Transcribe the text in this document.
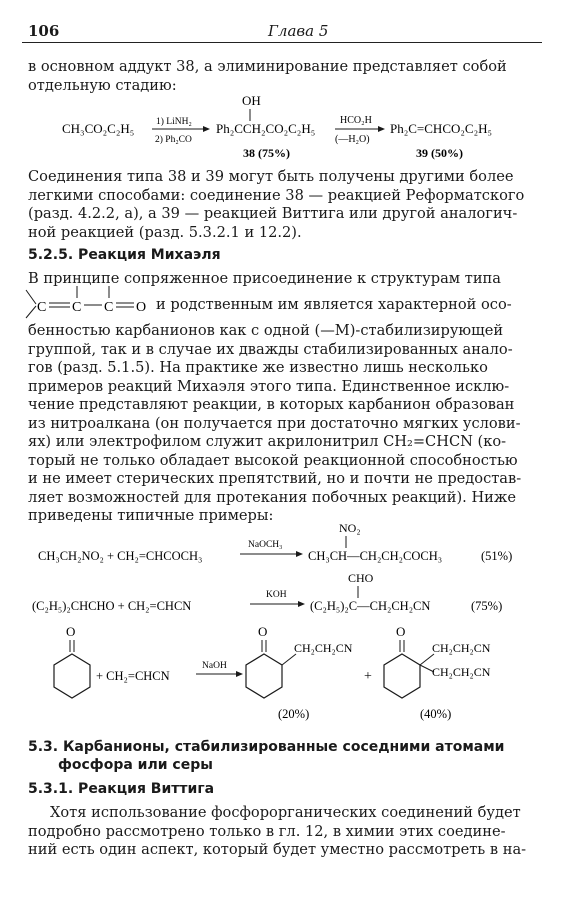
106	Глава 5
в основном аддукт 38, а элиминирование представляет собой
отдельную стадию:
CH₃CO₂C₂H₅ 1) LiNH₂
2) Ph₂CO
OH
Ph₂CCH₂CO₂C₂H₅
38 (75%)
HCO₂H
(—H₂O)
Ph₂C=CHCO₂C₂H₅
39 (50%)
Соединения типа 38 и 39 могут быть получены другими более
легкими способами: соединение 38 — реакцией Реформатского
(разд. 4.2.2, а), а 39 — реакцией Виттига или другой аналогич-
ной реакцией (разд. 5.3.2.1 и 12.2).
5.2.5. Реакция Михаэля
В принципе сопряженное присоединение к структурам типа
C C C O и родственным им является характерной осо-
бенностью карбанионов как с одной (—M)-стабилизирующей
группой, так и в случае их дважды стабилизированных анало-
гов (разд. 5.1.5). На практике же известно лишь несколько
примеров реакций Михаэля этого типа. Единственное исклю-
чение представляют реакции, в которых карбанион образован
из нитроалкана (он получается при достаточно мягких услови-
ях) или электрофилом служит акрилонитрил CH₂=CHCN (ко-
торый не только обладает высокой реакционной способностью
и не имеет стерических препятствий, но и почти не предостав-
ляет возможностей для протекания побочных реакций). Ниже
приведены типичные примеры:
CH₃CH₂NO₂ + CH₂=CHCOCH₃
NaOCH₃
NO₂
CH₃CH—CH₂CH₂COCH₃	(51%)
(C₂H₅)₂CHCHO + CH₂=CHCN
KOH
CHO
(C₂H₅)₂C—CH₂CH₂CN	(75%)
O
+ CH₂=CHCN
NaOH
O
CH₂CH₂CN
(20%)
+
O
CH₂CH₂CN
CH₂CH₂CN
(40%)
5.3. Карбанионы, стабилизированные соседними атомами
фосфора или серы
5.3.1. Реакция Виттига
Хотя использование фосфорорганических соединений будет
подробно рассмотрено только в гл. 12, в химии этих соедине-
ний есть один аспект, который будет уместно рассмотреть в на-
